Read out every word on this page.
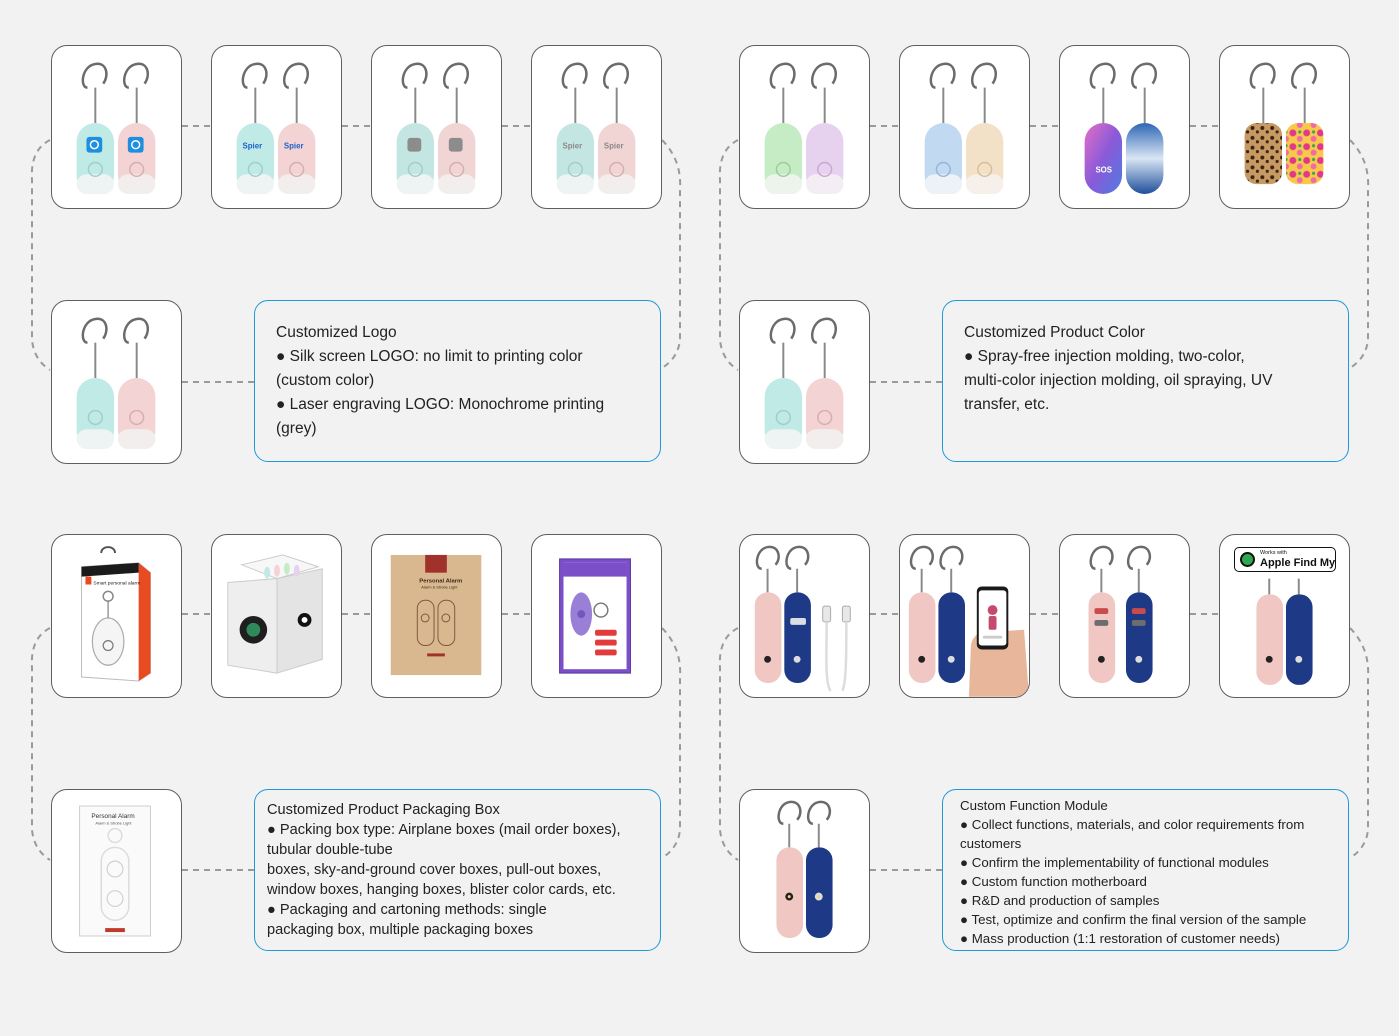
Spier	Spier	Spier	Spier
Customized Logo
● Silk screen LOGO: no limit to printing color
(custom color)
● Laser engraving LOGO: Monochrome printing
(grey)
SOS
Customized Product Color
● Spray-free injection molding, two-color,
multi-color injection molding, oil spraying, UV
transfer, etc.
Smart personal alarm	Personal Alarm
Alarm & Strobe Light
Personal Alarm
Alarm & Strobe Light
Customized Product Packaging Box
● Packing box type: Airplane boxes (mail order boxes),
tubular double-tube
boxes, sky-and-ground cover boxes, pull-out boxes,
window boxes, hanging boxes, blister color cards, etc.
● Packaging and cartoning methods: single
packaging box, multiple packaging boxes
Works with
Apple Find My
Custom Function Module
● Collect functions, materials, and color requirements from
customers
● Confirm the implementability of functional modules
● Custom function motherboard
● R&D and production of samples
● Test, optimize and confirm the final version of the sample
● Mass production (1:1 restoration of customer needs)
